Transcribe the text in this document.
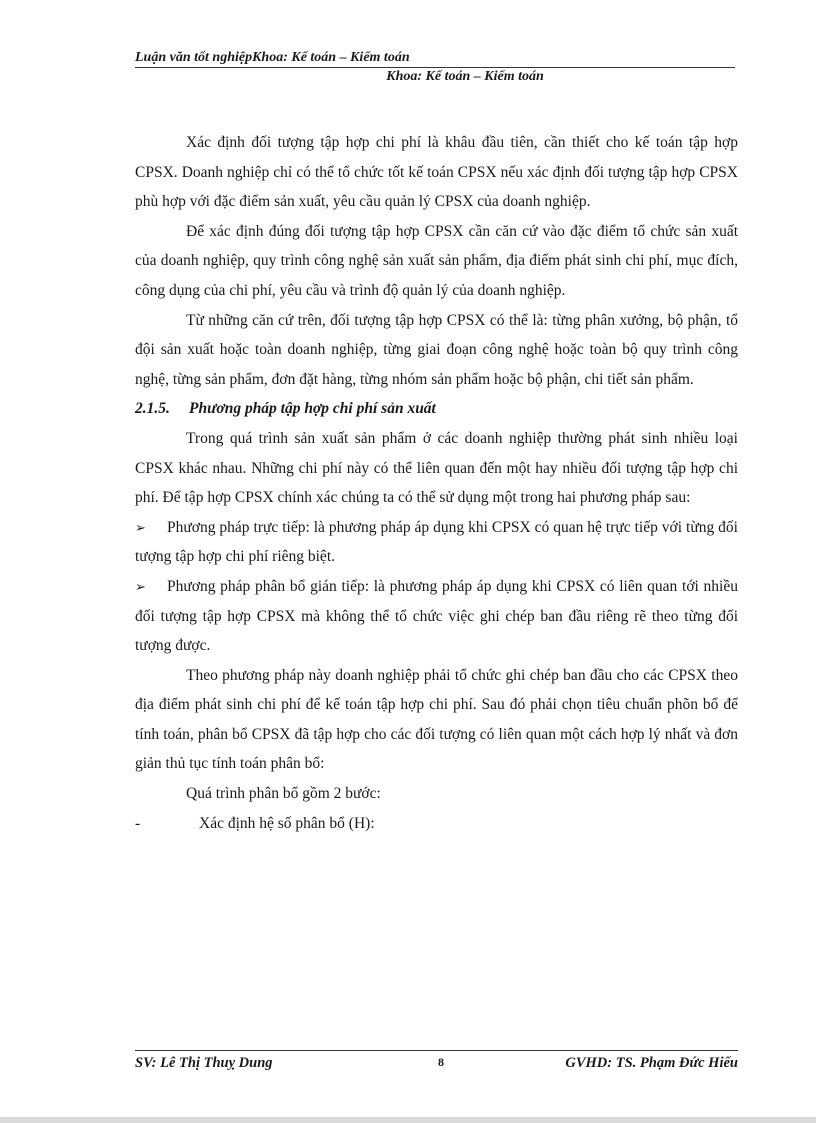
Luận văn tốt nghiệpKhoa: Kế toán – Kiểm toán
Khoa: Kế toán – Kiểm toán

Xác định đối tượng tập hợp chi phí là khâu đầu tiên, cần thiết cho kế toán tập hợp CPSX. Doanh nghiệp chỉ có thể tổ chức tốt kế toán CPSX nếu xác định đối tượng tập hợp CPSX phù hợp với đặc điểm sản xuất, yêu cầu quản lý CPSX của doanh nghiệp.

Để xác định đúng đối tượng tập hợp CPSX cần căn cứ vào đặc điểm tổ chức sản xuất của doanh nghiệp, quy trình công nghệ sản xuất sản phẩm, địa điểm phát sinh chi phí, mục đích, công dụng của chi phí, yêu cầu và trình độ quản lý của doanh nghiệp.

Từ những căn cứ trên, đối tượng tập hợp CPSX có thể là: từng phân xưởng, bộ phận, tổ đội sản xuất hoặc toàn doanh nghiệp, từng giai đoạn công nghệ hoặc toàn bộ quy trình công nghệ, từng sản phẩm, đơn đặt hàng, từng nhóm sản phẩm hoặc bộ phận, chi tiết sản phẩm.

2.1.5. Phương pháp tập hợp chi phí sản xuất

Trong quá trình sản xuất sản phẩm ở các doanh nghiệp thường phát sinh nhiều loại CPSX khác nhau. Những chi phí này có thể liên quan đến một hay nhiều đối tượng tập hợp chi phí. Để tập hợp CPSX chính xác chúng ta có thể sử dụng một trong hai phương pháp sau:

➢ Phương pháp trực tiếp: là phương pháp áp dụng khi CPSX có quan hệ trực tiếp với từng đối tượng tập hợp chi phí riêng biệt.

➢ Phương pháp phân bổ gián tiếp: là phương pháp áp dụng khi CPSX có liên quan tới nhiều đối tượng tập hợp CPSX mà không thể tổ chức việc ghi chép ban đầu riêng rẽ theo từng đối tượng được.

Theo phương pháp này doanh nghiệp phải tổ chức ghi chép ban đầu cho các CPSX theo địa điểm phát sinh chi phí để kế toán tập hợp chi phí. Sau đó phải chọn tiêu chuẩn phõn bổ để tính toán, phân bổ CPSX đã tập hợp cho các đối tượng có liên quan một cách hợp lý nhất và đơn giản thủ tục tính toán phân bổ:

Quá trình phân bổ gồm 2 bước:

-	Xác định hệ số phân bổ (H):

SV: Lê Thị Thuỵ Dung	8	GVHD: TS. Phạm Đức Hiếu
